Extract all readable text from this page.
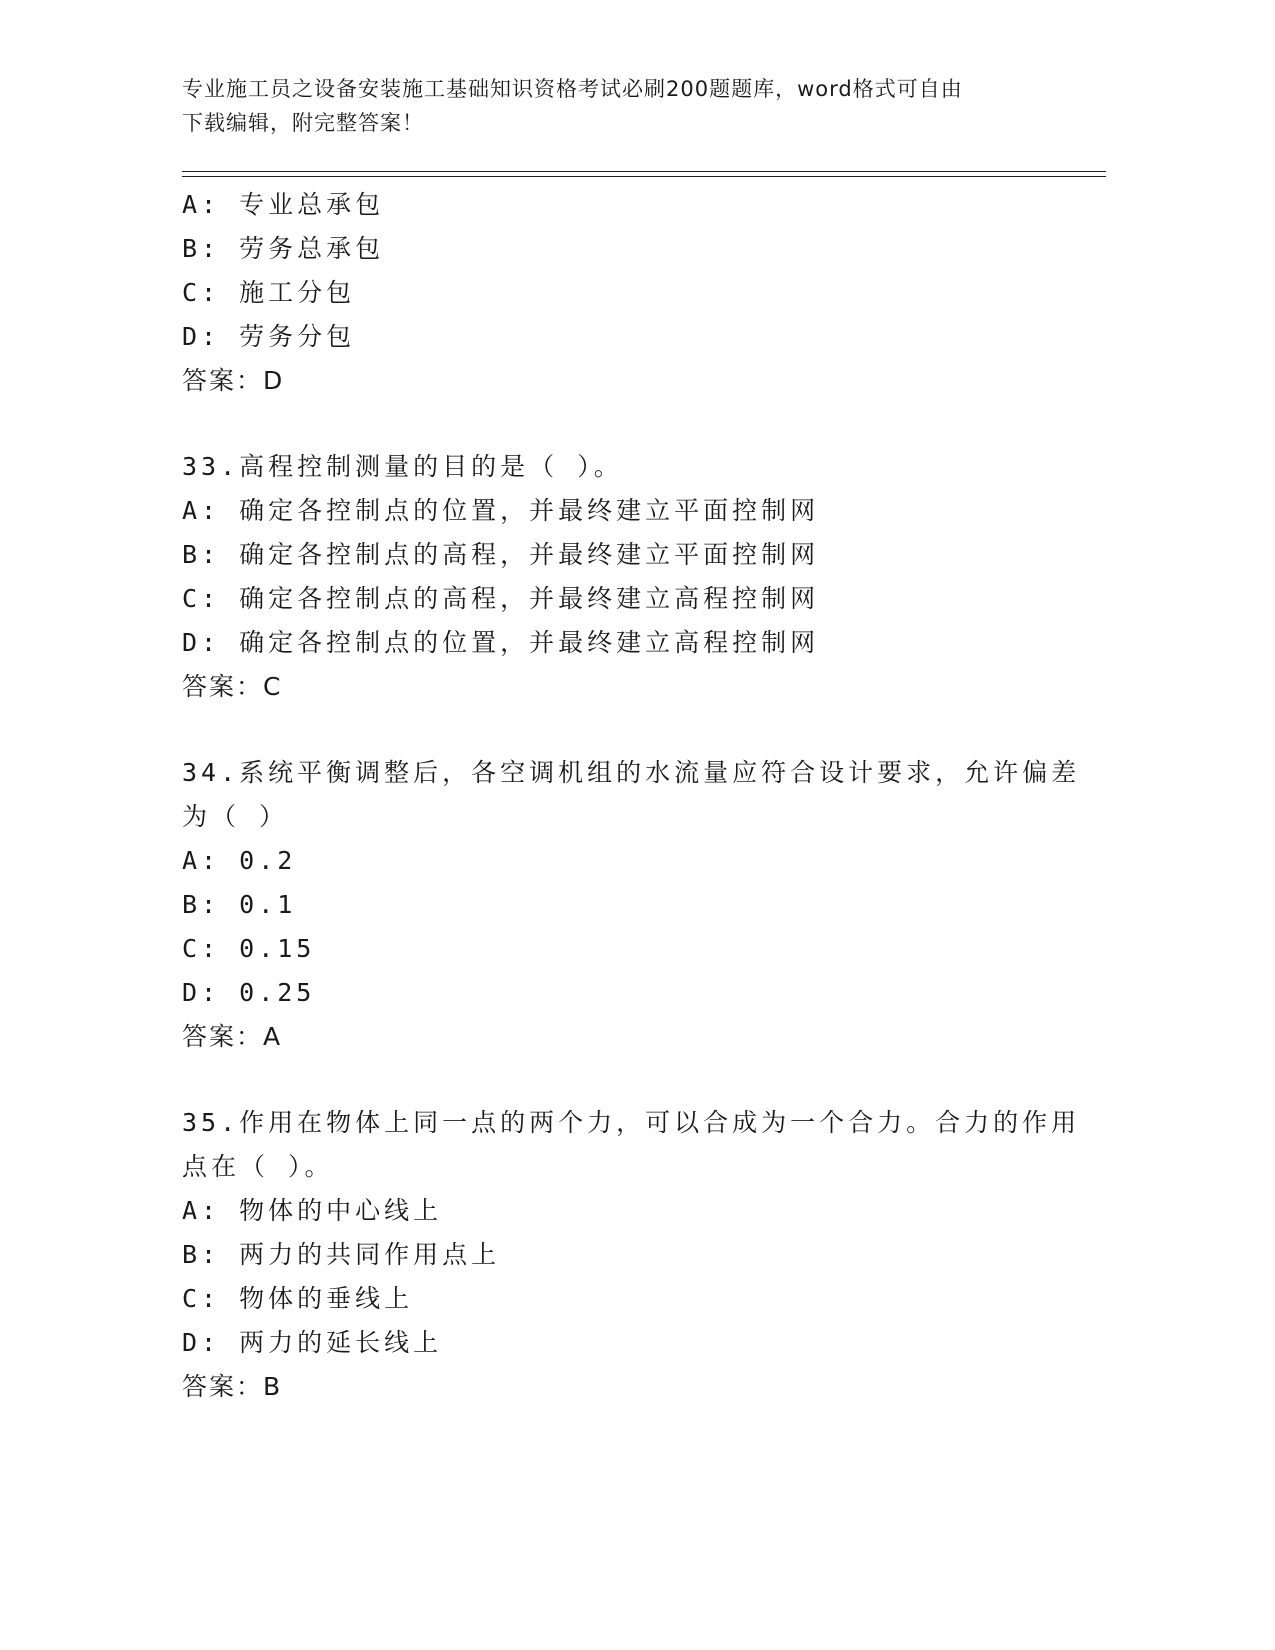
专业施工员之设备安装施工基础知识资格考试必刷200题题库，word格式可自由
下载编辑，附完整答案！
A: 专业总承包
B: 劳务总承包
C: 施工分包
D: 劳务分包
答案：D
33.高程控制测量的目的是（ ）。
A: 确定各控制点的位置，并最终建立平面控制网
B: 确定各控制点的高程，并最终建立平面控制网
C: 确定各控制点的高程，并最终建立高程控制网
D: 确定各控制点的位置，并最终建立高程控制网
答案：C
34.系统平衡调整后，各空调机组的水流量应符合设计要求，允许偏差
为（ ）
A: 0.2
B: 0.1
C: 0.15
D: 0.25
答案：A
35.作用在物体上同一点的两个力，可以合成为一个合力。合力的作用
点在（ ）。
A: 物体的中心线上
B: 两力的共同作用点上
C: 物体的垂线上
D: 两力的延长线上
答案：B
